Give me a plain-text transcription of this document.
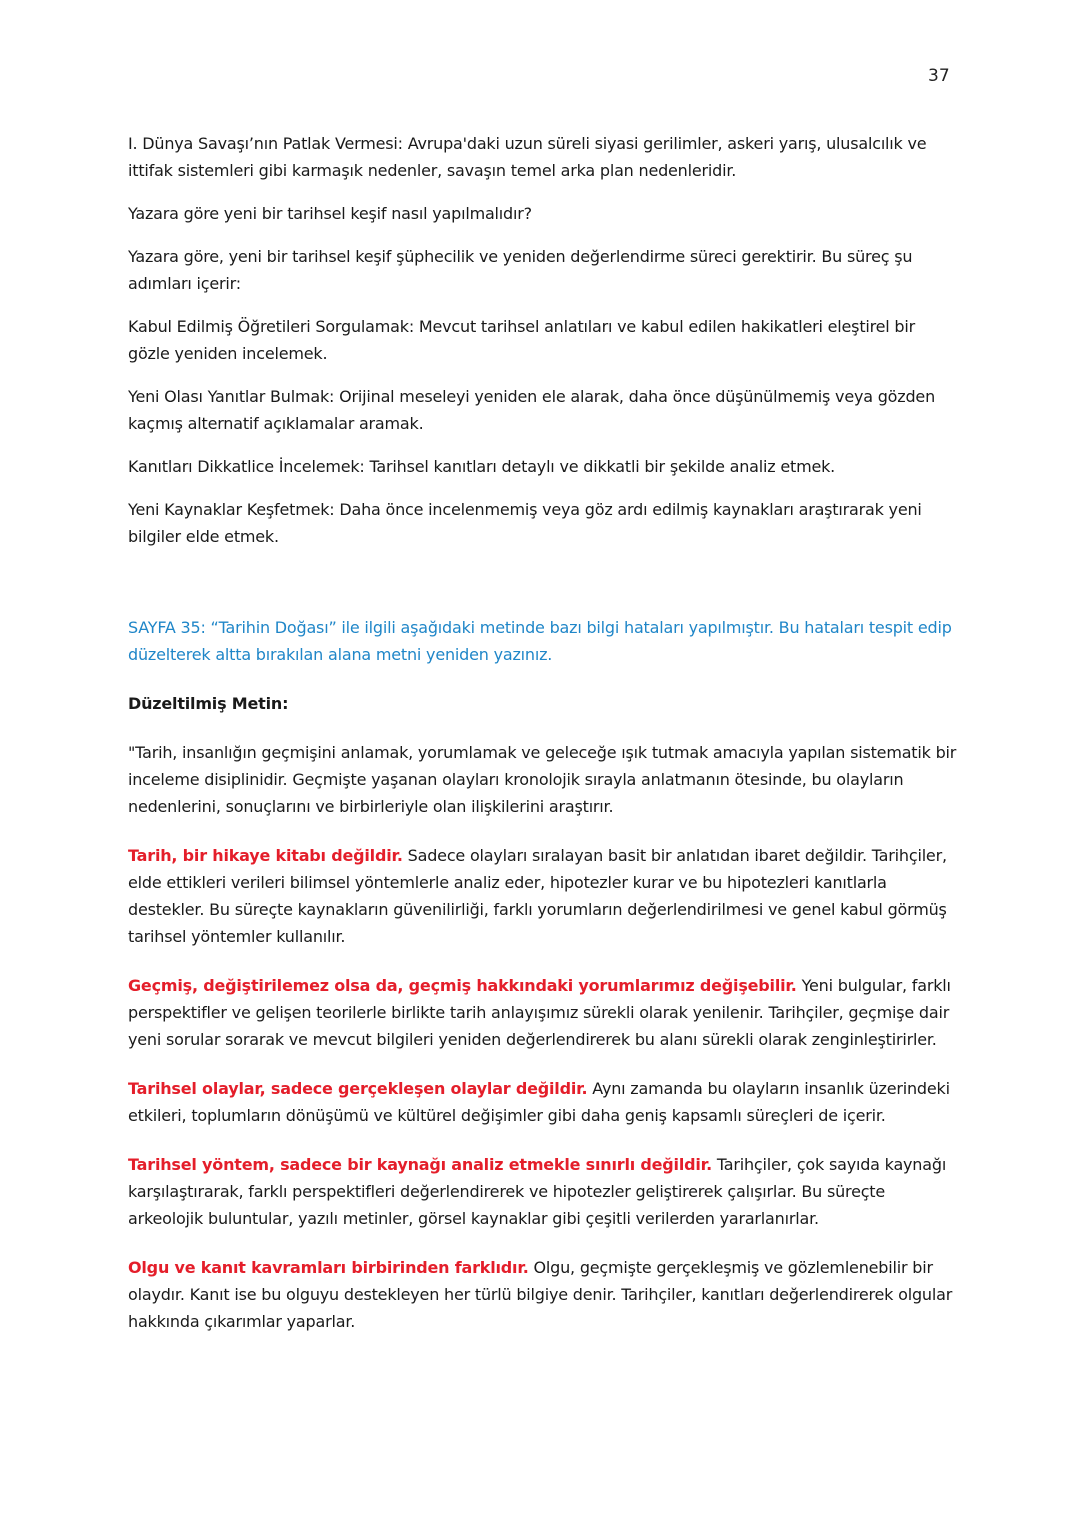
37

I. Dünya Savaşı’nın Patlak Vermesi: Avrupa'daki uzun süreli siyasi gerilimler, askeri yarış, ulusalcılık ve ittifak sistemleri gibi karmaşık nedenler, savaşın temel arka plan nedenleridir.

Yazara göre yeni bir tarihsel keşif nasıl yapılmalıdır?

Yazara göre, yeni bir tarihsel keşif şüphecilik ve yeniden değerlendirme süreci gerektirir. Bu süreç şu adımları içerir:

Kabul Edilmiş Öğretileri Sorgulamak: Mevcut tarihsel anlatıları ve kabul edilen hakikatleri eleştirel bir gözle yeniden incelemek.

Yeni Olası Yanıtlar Bulmak: Orijinal meseleyi yeniden ele alarak, daha önce düşünülmemiş veya gözden kaçmış alternatif açıklamalar aramak.

Kanıtları Dikkatlice İncelemek: Tarihsel kanıtları detaylı ve dikkatli bir şekilde analiz etmek.

Yeni Kaynaklar Keşfetmek: Daha önce incelenmemiş veya göz ardı edilmiş kaynakları araştırarak yeni bilgiler elde etmek.

SAYFA 35: “Tarihin Doğası” ile ilgili aşağıdaki metinde bazı bilgi hataları yapılmıştır. Bu hataları tespit edip düzelterek altta bırakılan alana metni yeniden yazınız.

Düzeltilmiş Metin:

"Tarih, insanlığın geçmişini anlamak, yorumlamak ve geleceğe ışık tutmak amacıyla yapılan sistematik bir inceleme disiplinidir. Geçmişte yaşanan olayları kronolojik sırayla anlatmanın ötesinde, bu olayların nedenlerini, sonuçlarını ve birbirleriyle olan ilişkilerini araştırır.

Tarih, bir hikaye kitabı değildir. Sadece olayları sıralayan basit bir anlatıdan ibaret değildir. Tarihçiler, elde ettikleri verileri bilimsel yöntemlerle analiz eder, hipotezler kurar ve bu hipotezleri kanıtlarla destekler. Bu süreçte kaynakların güvenilirliği, farklı yorumların değerlendirilmesi ve genel kabul görmüş tarihsel yöntemler kullanılır.

Geçmiş, değiştirilemez olsa da, geçmiş hakkındaki yorumlarımız değişebilir. Yeni bulgular, farklı perspektifler ve gelişen teorilerle birlikte tarih anlayışımız sürekli olarak yenilenir. Tarihçiler, geçmişe dair yeni sorular sorarak ve mevcut bilgileri yeniden değerlendirerek bu alanı sürekli olarak zenginleştirirler.

Tarihsel olaylar, sadece gerçekleşen olaylar değildir. Aynı zamanda bu olayların insanlık üzerindeki etkileri, toplumların dönüşümü ve kültürel değişimler gibi daha geniş kapsamlı süreçleri de içerir.

Tarihsel yöntem, sadece bir kaynağı analiz etmekle sınırlı değildir. Tarihçiler, çok sayıda kaynağı karşılaştırarak, farklı perspektifleri değerlendirerek ve hipotezler geliştirerek çalışırlar. Bu süreçte arkeolojik buluntular, yazılı metinler, görsel kaynaklar gibi çeşitli verilerden yararlanırlar.

Olgu ve kanıt kavramları birbirinden farklıdır. Olgu, geçmişte gerçekleşmiş ve gözlemlenebilir bir olaydır. Kanıt ise bu olguyu destekleyen her türlü bilgiye denir. Tarihçiler, kanıtları değerlendirerek olgular hakkında çıkarımlar yaparlar.
